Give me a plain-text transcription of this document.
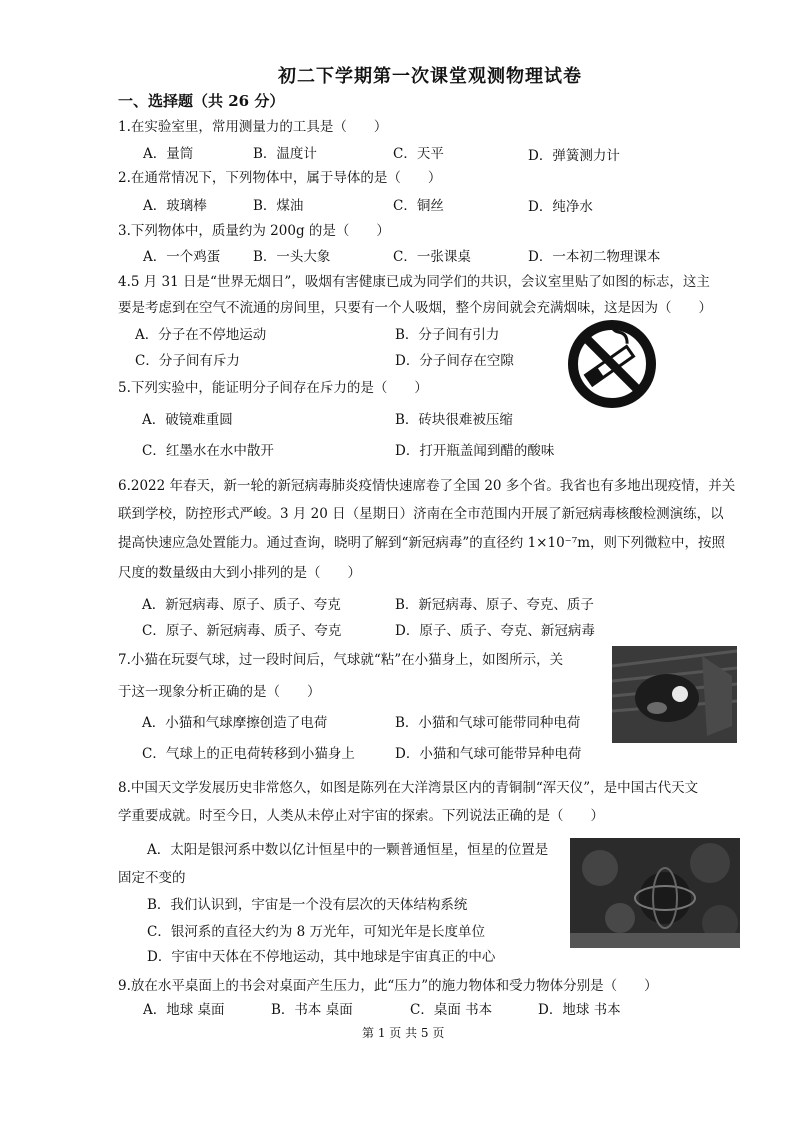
初二下学期第一次课堂观测物理试卷
一、选择题（共 26 分）
1.在实验室里，常用测量力的工具是（　　）
A．量筒	B．温度计	C．天平	D．弹簧测力计
2.在通常情况下，下列物体中，属于导体的是（　　）
A．玻璃棒	B．煤油	C．铜丝	D．纯净水
3.下列物体中，质量约为 200g 的是（　　）
A．一个鸡蛋 B．一头大象	C．一张课桌	D．一本初二物理课本
4.5 月 31 日是“世界无烟日”，吸烟有害健康已成为同学们的共识，会议室里贴了如图的标志，这主
要是考虑到在空气不流通的房间里，只要有一个人吸烟，整个房间就会充满烟味，这是因为（　　）
A．分子在不停地运动	B．分子间有引力
C．分子间有斥力	D．分子间存在空隙
5.下列实验中，能证明分子间存在斥力的是（　　）
A．破镜难重圆	B．砖块很难被压缩
C．红墨水在水中散开	D．打开瓶盖闻到醋的酸味
6.2022 年春天，新一轮的新冠病毒肺炎疫情快速席卷了全国 20 多个省。我省也有多地出现疫情，并关
联到学校，防控形式严峻。3 月 20 日（星期日）济南在全市范围内开展了新冠病毒核酸检测演练，以
提高快速应急处置能力。通过查询，晓明了解到“新冠病毒”的直径约 1×10⁻⁷m，则下列微粒中，按照
尺度的数量级由大到小排列的是（　　）
A．新冠病毒、原子、质子、夸克	B．新冠病毒、原子、夸克、质子
C．原子、新冠病毒、质子、夸克	D．原子、质子、夸克、新冠病毒
7.小猫在玩耍气球，过一段时间后，气球就“粘”在小猫身上，如图所示，关
于这一现象分析正确的是（　　）
A．小猫和气球摩擦创造了电荷	B．小猫和气球可能带同种电荷
C．气球上的正电荷转移到小猫身上	D．小猫和气球可能带异种电荷
8.中国天文学发展历史非常悠久，如图是陈列在大洋湾景区内的青铜制“浑天仪”，是中国古代天文
学重要成就。时至今日，人类从未停止对宇宙的探索。下列说法正确的是（　　）
A．太阳是银河系中数以亿计恒星中的一颗普通恒星，恒星的位置是
固定不变的
B．我们认识到，宇宙是一个没有层次的天体结构系统
C．银河系的直径大约为 8 万光年，可知光年是长度单位
D．宇宙中天体在不停地运动，其中地球是宇宙真正的中心
9.放在水平桌面上的书会对桌面产生压力，此“压力”的施力物体和受力物体分别是（　　）
A．地球 桌面	B．书本 桌面	C．桌面 书本	D．地球 书本
第 1 页 共 5 页
